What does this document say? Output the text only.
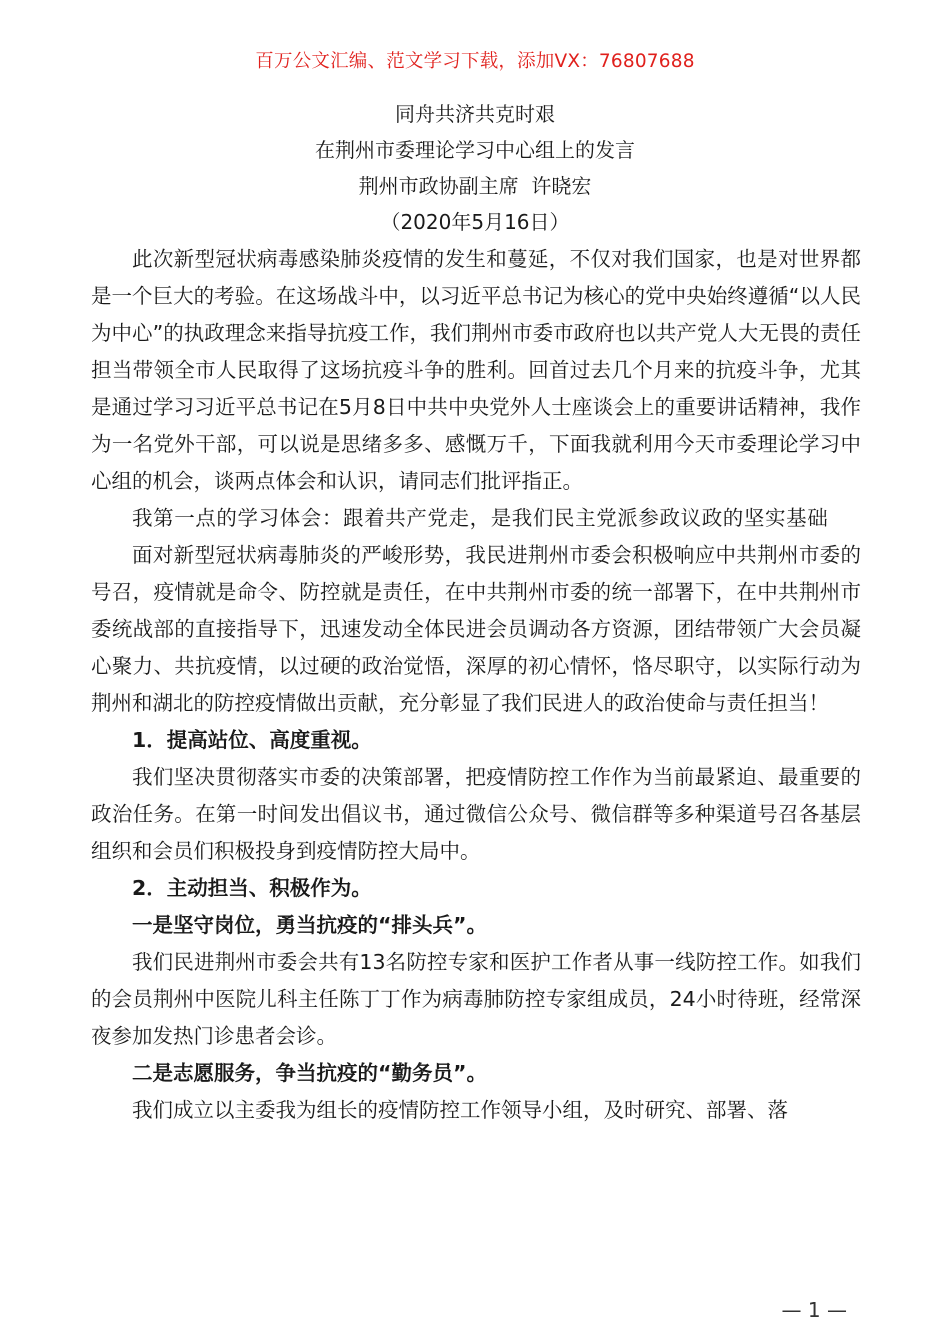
百万公文汇编、范文学习下载，添加VX：76807688
同舟共济共克时艰
在荆州市委理论学习中心组上的发言
荆州市政协副主席  许晓宏
（2020年5月16日）

此次新型冠状病毒感染肺炎疫情的发生和蔓延，不仅对我们国家，也是对世界都是一个巨大的考验。在这场战斗中，以习近平总书记为核心的党中央始终遵循“以人民为中心”的执政理念来指导抗疫工作，我们荆州市委市政府也以共产党人大无畏的责任担当带领全市人民取得了这场抗疫斗争的胜利。回首过去几个月来的抗疫斗争，尤其是通过学习习近平总书记在5月8日中共中央党外人士座谈会上的重要讲话精神，我作为一名党外干部，可以说是思绪多多、感慨万千，下面我就利用今天市委理论学习中心组的机会，谈两点体会和认识，请同志们批评指正。

我第一点的学习体会：跟着共产党走，是我们民主党派参政议政的坚实基础

面对新型冠状病毒肺炎的严峻形势，我民进荆州市委会积极响应中共荆州市委的号召，疫情就是命令、防控就是责任，在中共荆州市委的统一部署下，在中共荆州市委统战部的直接指导下，迅速发动全体民进会员调动各方资源，团结带领广大会员凝心聚力、共抗疫情，以过硬的政治觉悟，深厚的初心情怀，恪尽职守，以实际行动为荆州和湖北的防控疫情做出贡献，充分彰显了我们民进人的政治使命与责任担当！

1．提高站位、高度重视。

我们坚决贯彻落实市委的决策部署，把疫情防控工作作为当前最紧迫、最重要的政治任务。在第一时间发出倡议书，通过微信公众号、微信群等多种渠道号召各基层组织和会员们积极投身到疫情防控大局中。

2．主动担当、积极作为。

一是坚守岗位，勇当抗疫的“排头兵”。

我们民进荆州市委会共有13名防控专家和医护工作者从事一线防控工作。如我们的会员荆州中医院儿科主任陈丁丁作为病毒肺防控专家组成员，24小时待班，经常深夜参加发热门诊患者会诊。

二是志愿服务，争当抗疫的“勤务员”。

我们成立以主委我为组长的疫情防控工作领导小组，及时研究、部署、落

— 1 —
